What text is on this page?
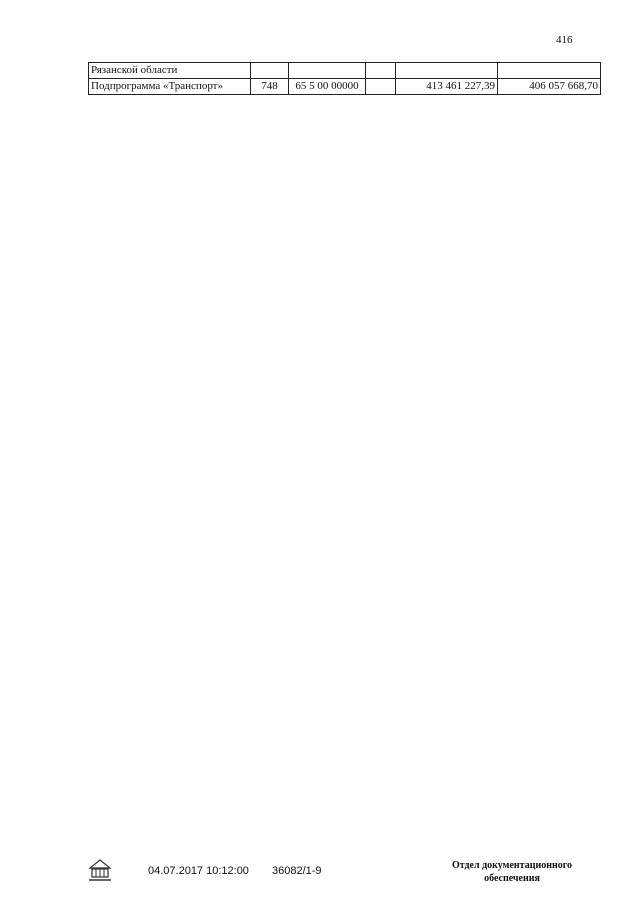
416
Рязанской области					
Подпрограмма «Транспорт»	748	65 5 00 00000		413 461 227,39	406 057 668,70
04.07.2017 10:12:00 36082/1-9	Отдел документационного обеспечения
